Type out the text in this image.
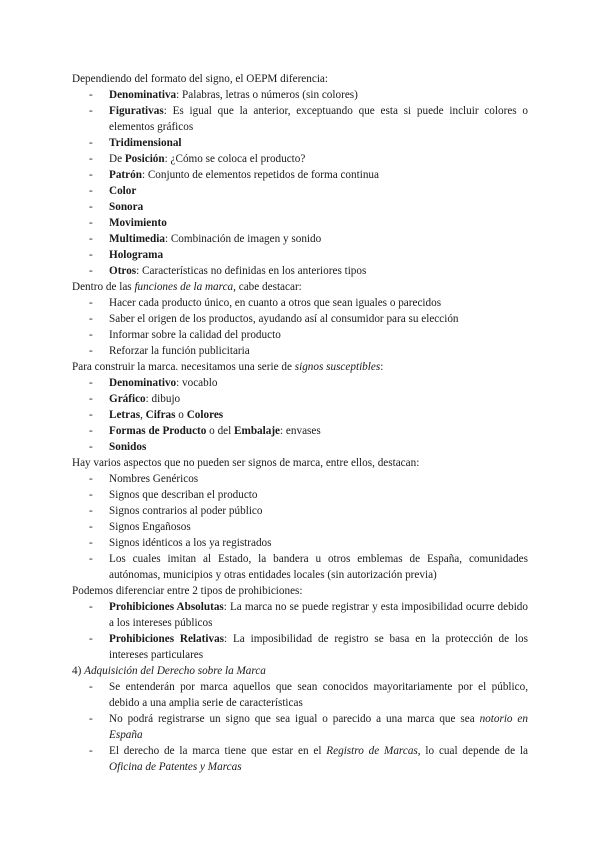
Dependiendo del formato del signo, el OEPM diferencia:
- Denominativa: Palabras, letras o números (sin colores)
- Figurativas: Es igual que la anterior, exceptuando que esta si puede incluir colores o elementos gráficos
- Tridimensional
- De Posición: ¿Cómo se coloca el producto?
- Patrón: Conjunto de elementos repetidos de forma continua
- Color
- Sonora
- Movimiento
- Multimedia: Combinación de imagen y sonido
- Holograma
- Otros: Características no definidas en los anteriores tipos
Dentro de las funciones de la marca, cabe destacar:
- Hacer cada producto único, en cuanto a otros que sean iguales o parecidos
- Saber el origen de los productos, ayudando así al consumidor para su elección
- Informar sobre la calidad del producto
- Reforzar la función publicitaria
Para construir la marca. necesitamos una serie de signos susceptibles:
- Denominativo: vocablo
- Gráfico: dibujo
- Letras, Cifras o Colores
- Formas de Producto o del Embalaje: envases
- Sonidos
Hay varios aspectos que no pueden ser signos de marca, entre ellos, destacan:
- Nombres Genéricos
- Signos que describan el producto
- Signos contrarios al poder público
- Signos Engañosos
- Signos idénticos a los ya registrados
- Los cuales imitan al Estado, la bandera u otros emblemas de España, comunidades autónomas, municipios y otras entidades locales (sin autorización previa)
Podemos diferenciar entre 2 tipos de prohibiciones:
- Prohibiciones Absolutas: La marca no se puede registrar y esta imposibilidad ocurre debido a los intereses públicos
- Prohibiciones Relativas: La imposibilidad de registro se basa en la protección de los intereses particulares
4) Adquisición del Derecho sobre la Marca
- Se entenderán por marca aquellos que sean conocidos mayoritariamente por el público, debido a una amplia serie de características
- No podrá registrarse un signo que sea igual o parecido a una marca que sea notorio en España
- El derecho de la marca tiene que estar en el Registro de Marcas, lo cual depende de la Oficina de Patentes y Marcas
